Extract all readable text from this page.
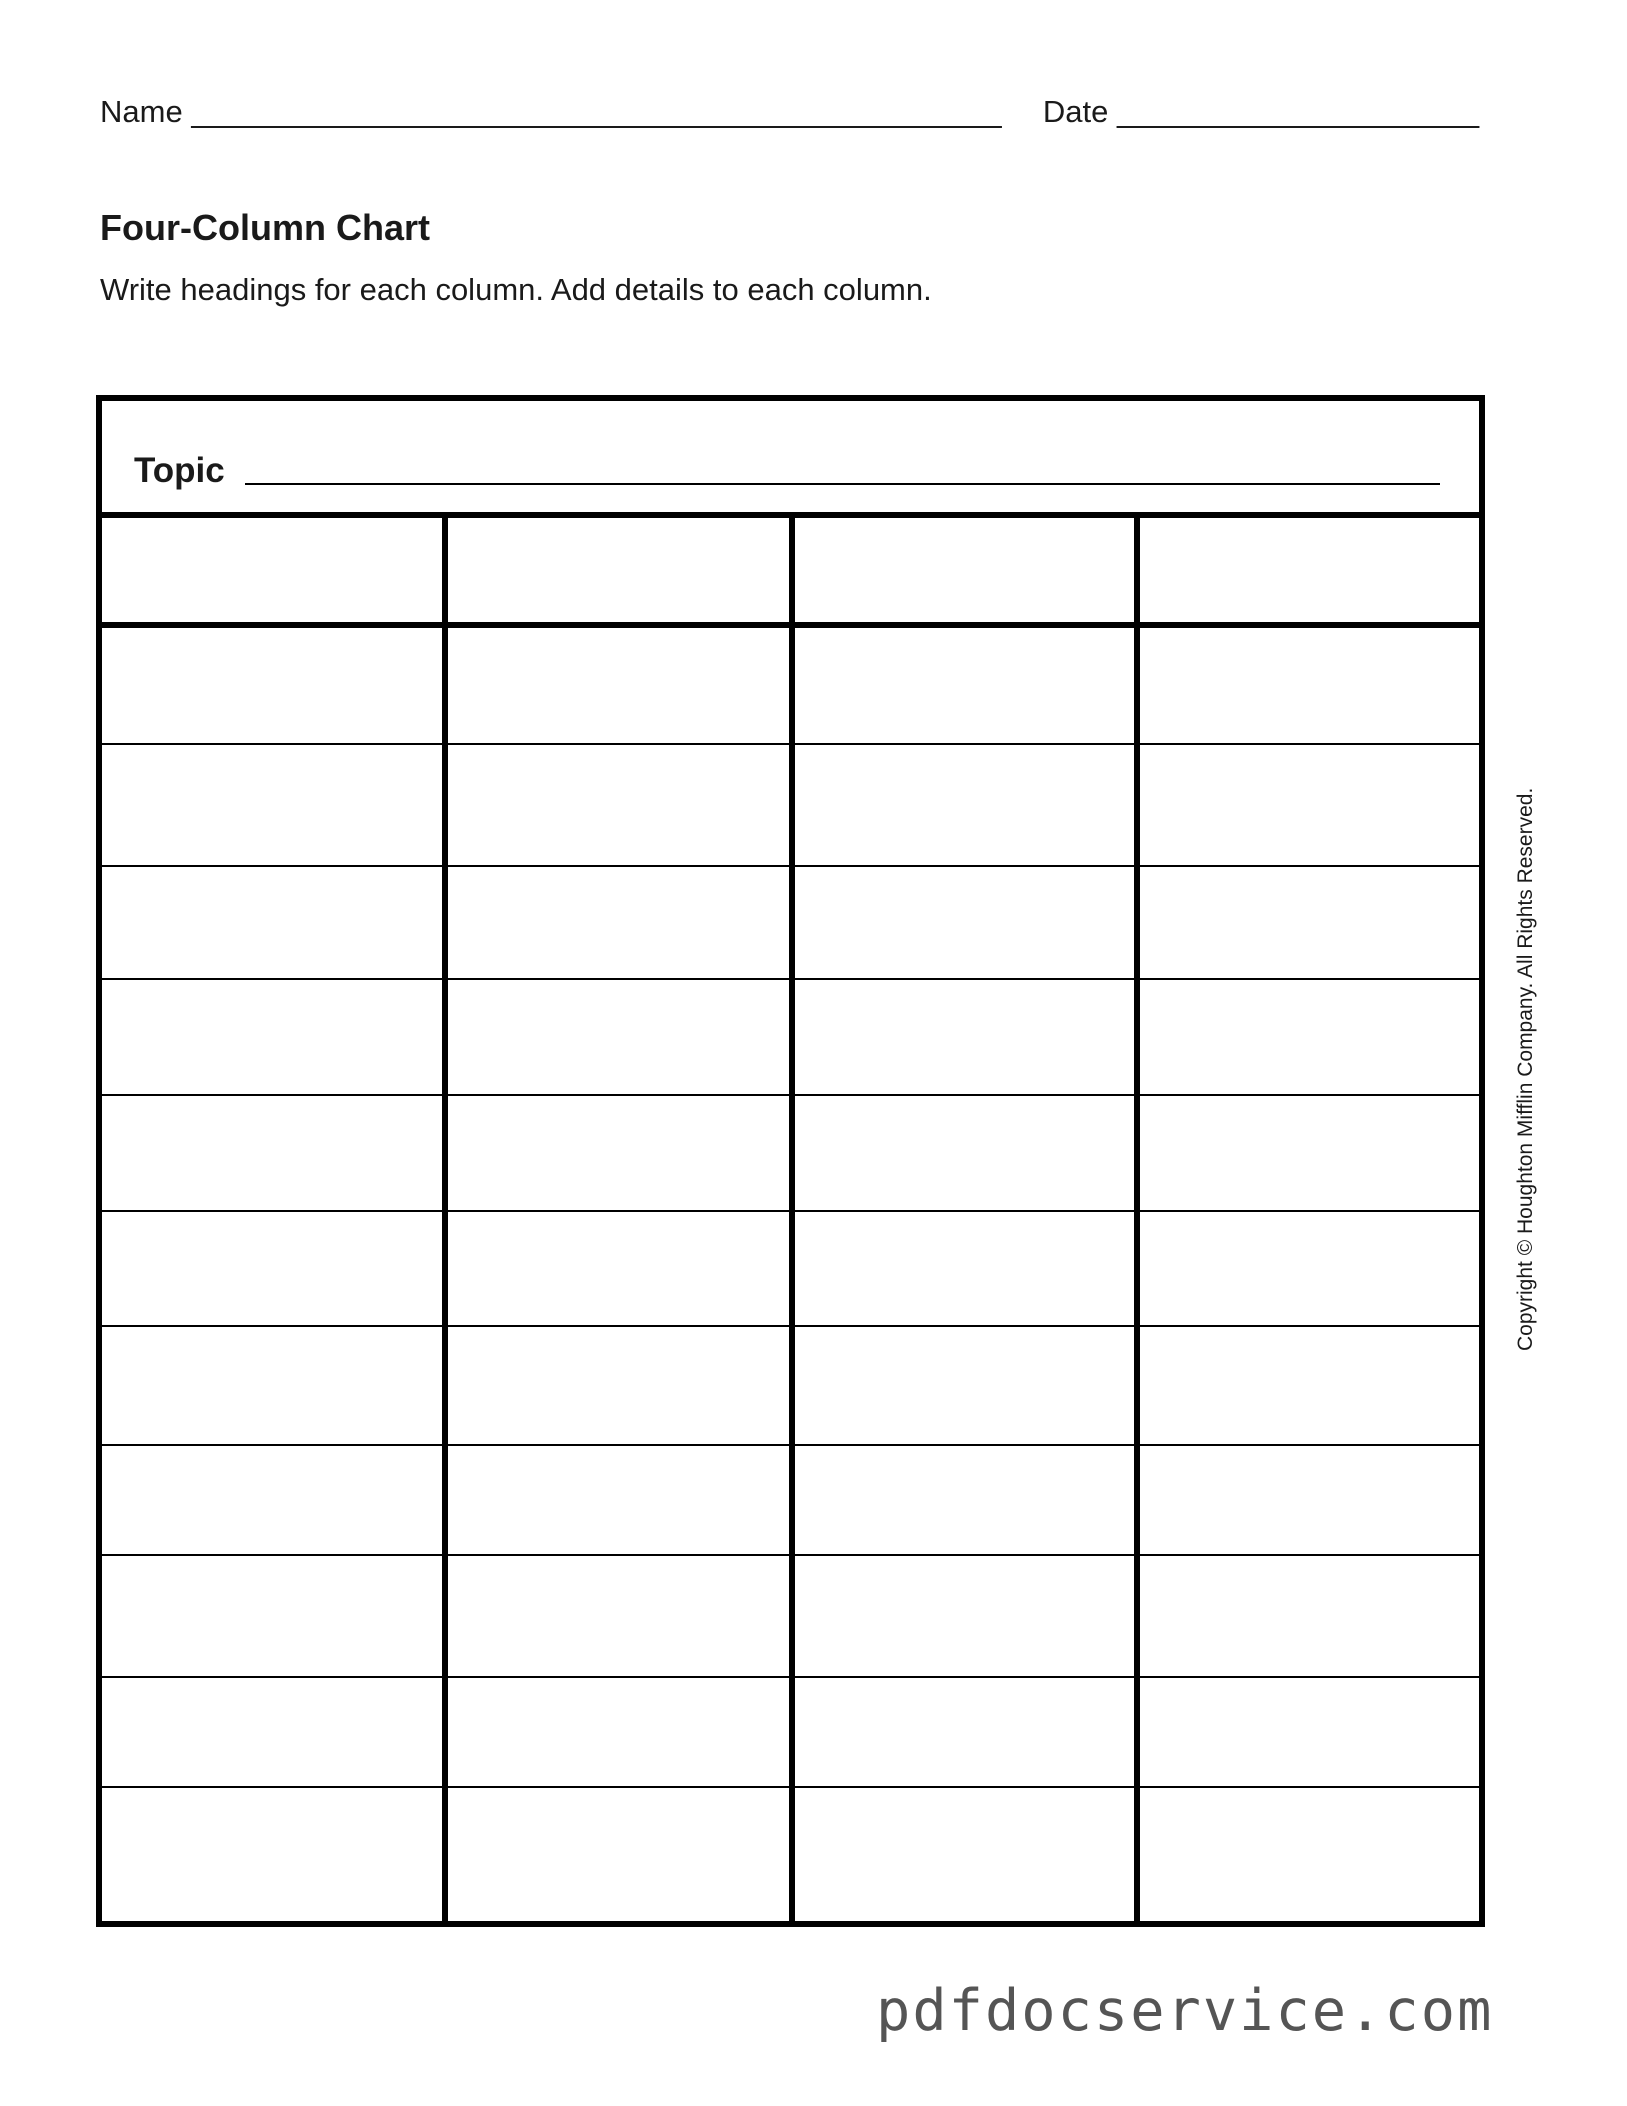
Name _______________________________________________ Date _____________________
Four-Column Chart
Write headings for each column. Add details to each column.
Topic
Copyright © Houghton Mifflin Company. All Rights Reserved.
pdfdocservice.com
